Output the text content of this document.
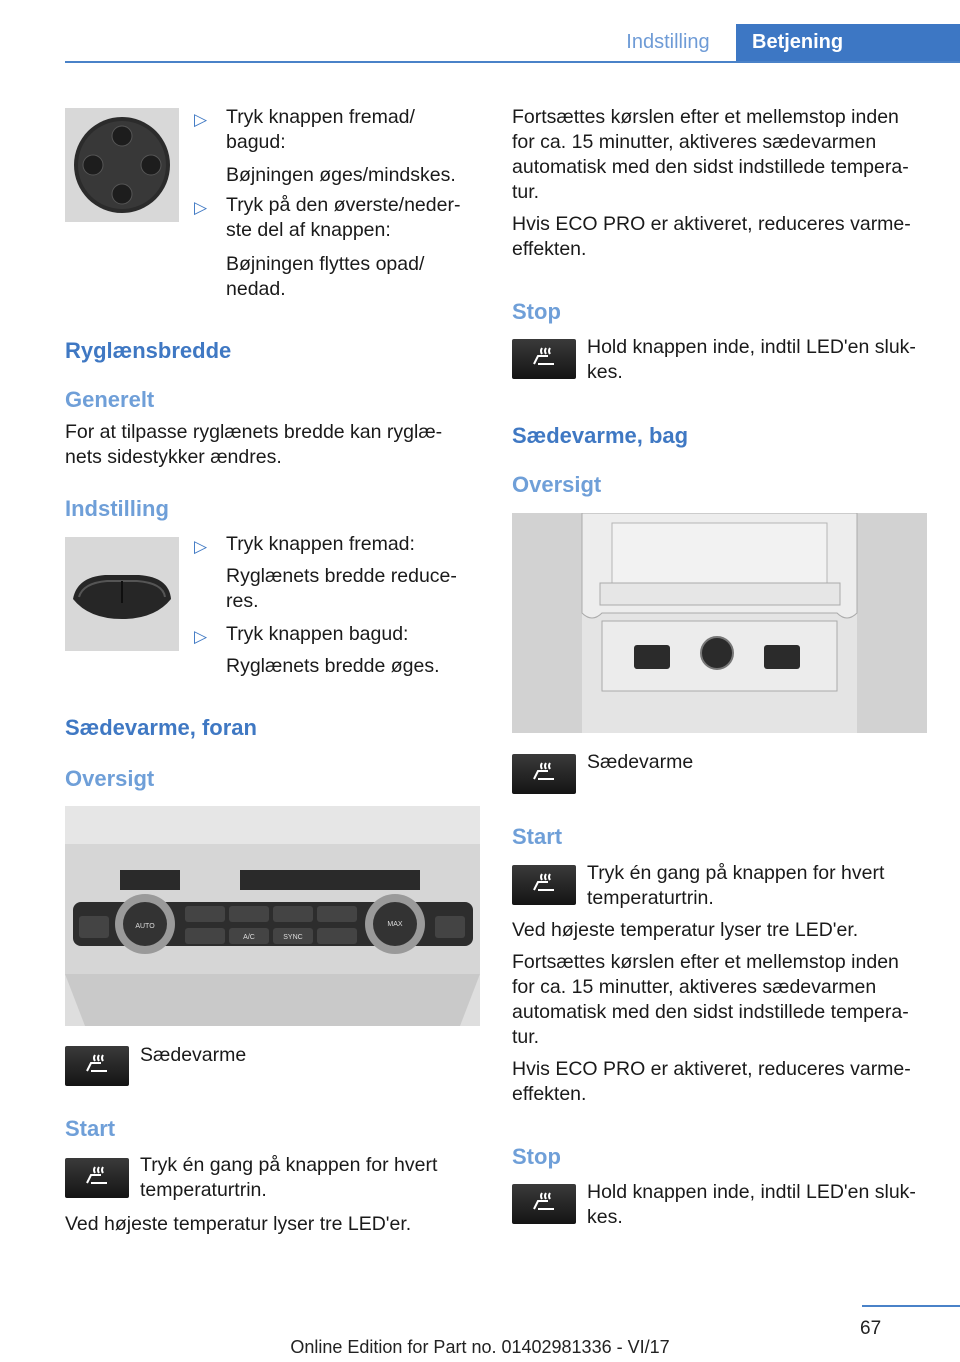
Indstilling	Betjening
▷ Tryk knappen fremad/
bagud:
Bøjningen øges/mindskes.
▷ Tryk på den øverste/neder-
ste del af knappen:
Bøjningen flyttes opad/
nedad.
Ryglænsbredde
Generelt
For at tilpasse ryglænets bredde kan ryglæ-
nets sidestykker ændres.
Indstilling
▷ Tryk knappen fremad:
Ryglænets bredde reduce-
res.
▷ Tryk knappen bagud:
Ryglænets bredde øges.
Sædevarme, foran
Oversigt
AUTO	MAX
A/C	SYNC
Sædevarme
Start
Tryk én gang på knappen for hvert
temperaturtrin.
Ved højeste temperatur lyser tre LED'er.
Fortsættes kørslen efter et mellemstop inden
for ca. 15 minutter, aktiveres sædevarmen
automatisk med den sidst indstillede tempera-
tur.
Hvis ECO PRO er aktiveret, reduceres varme-
effekten.
Stop
Hold knappen inde, indtil LED'en sluk-
kes.
Sædevarme, bag
Oversigt
Sædevarme
Start
Tryk én gang på knappen for hvert
temperaturtrin.
Ved højeste temperatur lyser tre LED'er.
Fortsættes kørslen efter et mellemstop inden
for ca. 15 minutter, aktiveres sædevarmen
automatisk med den sidst indstillede tempera-
tur.
Hvis ECO PRO er aktiveret, reduceres varme-
effekten.
Stop
Hold knappen inde, indtil LED'en sluk-
kes.
67
Online Edition for Part no. 01402981336 - VI/17
